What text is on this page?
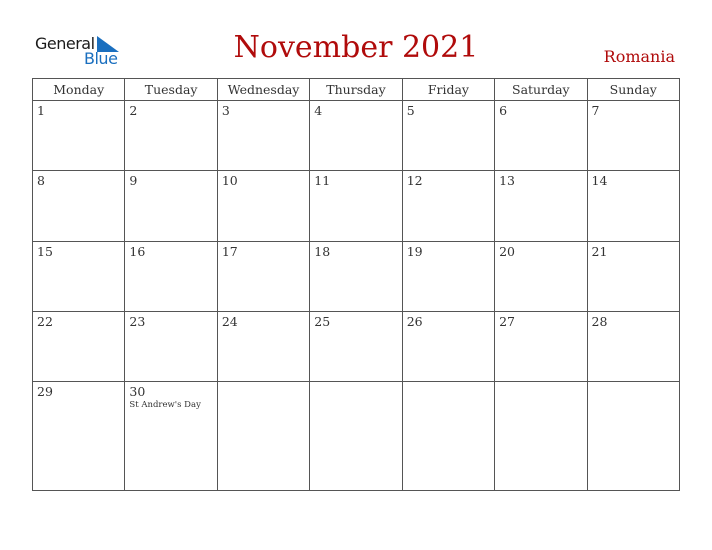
General
Blue	November 2021	Romania
Monday	Tuesday	Wednesday	Thursday	Friday	Saturday	Sunday

1	2	3	4	5	6	7

8	9	10	11	12	13	14

15	16	17	18	19	20	21

22	23	24	25	26	27	28

29	30
St Andrew's Day					
